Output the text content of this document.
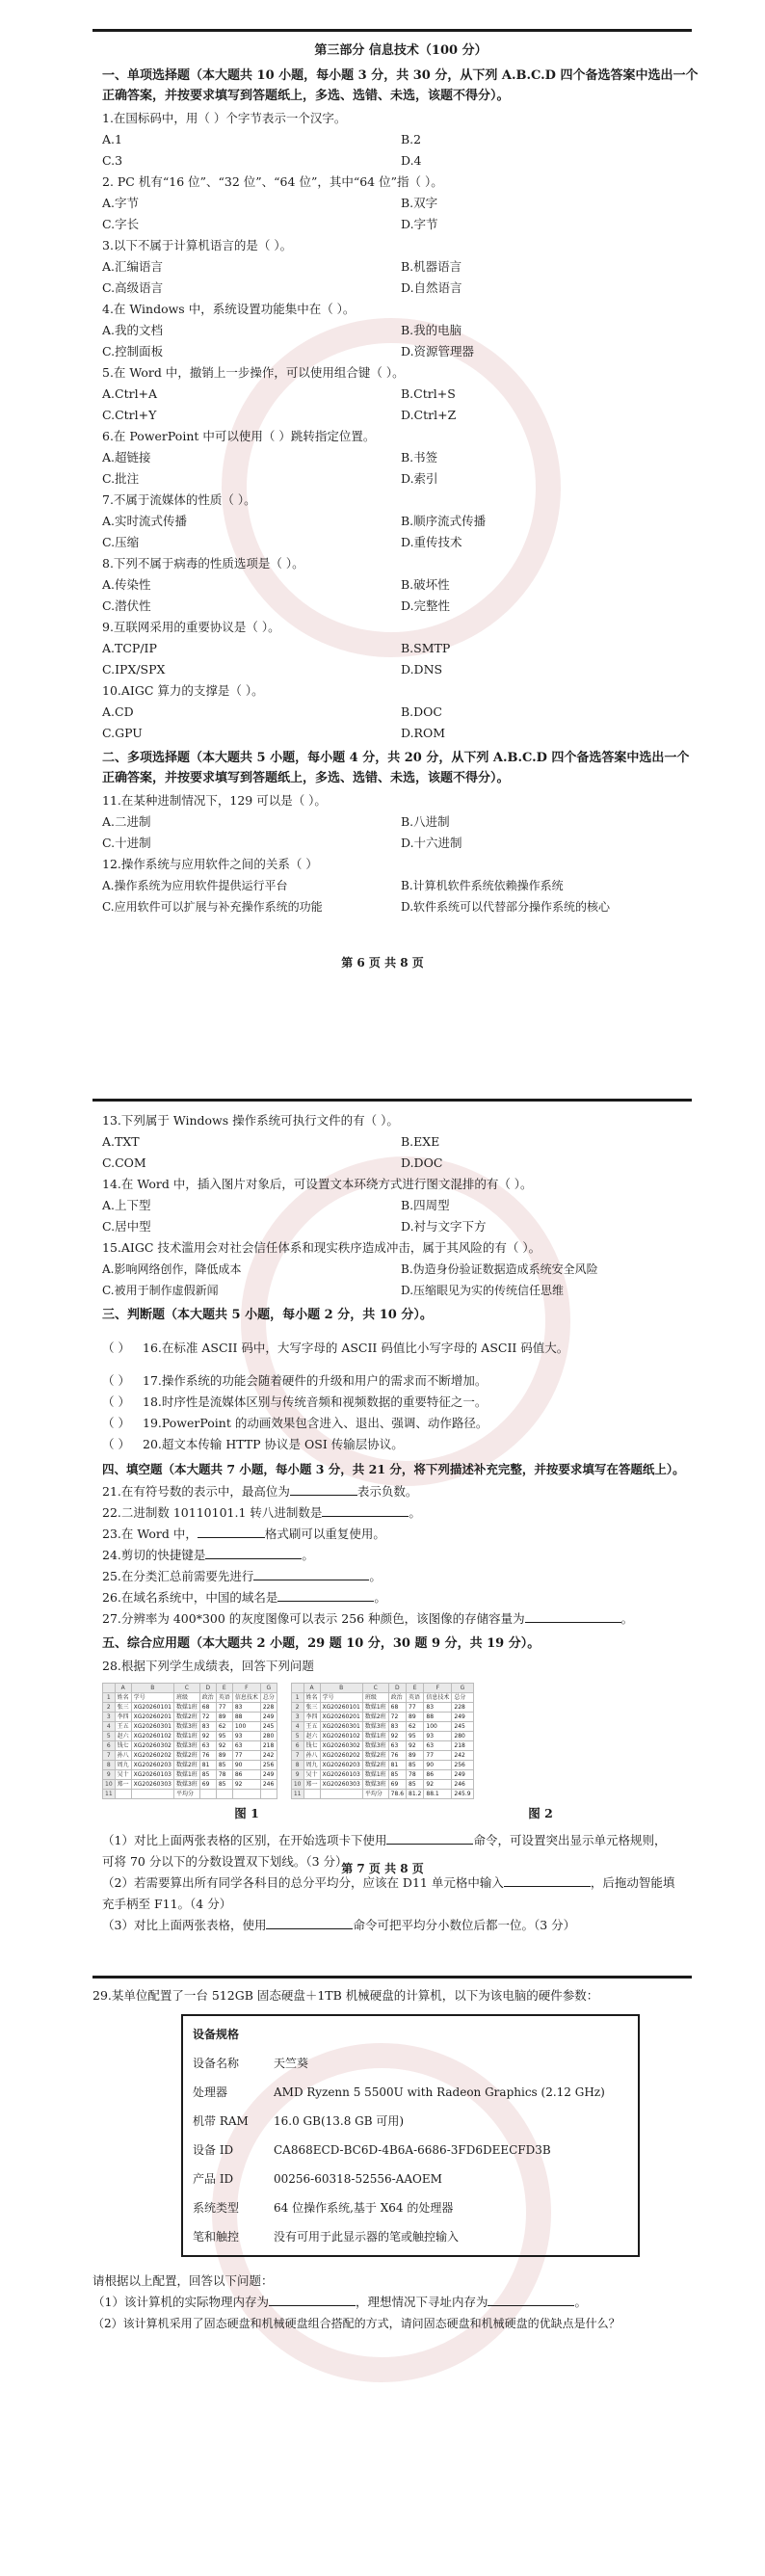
第三部分 信息技术（100 分）

一、单项选择题（本大题共 10 小题，每小题 3 分，共 30 分，从下列 A.B.C.D 四个备选答案中选出一个正确答案，并按要求填写到答题纸上，多选、选错、未选，该题不得分）。

1.在国标码中，用（ ）个字节表示一个汉字。

A.1	B.2
C.3	D.4

2. PC 机有“16 位”、“32 位”、“64 位”，其中“64 位”指（ ）。

A.字节	B.双字
C.字长	D.字节

3.以下不属于计算机语言的是（ ）。

A.汇编语言	B.机器语言
C.高级语言	D.自然语言

4.在 Windows 中，系统设置功能集中在（ ）。

A.我的文档	B.我的电脑
C.控制面板	D.资源管理器

5.在 Word 中，撤销上一步操作，可以使用组合键（ ）。

A.Ctrl+A	B.Ctrl+S
C.Ctrl+Y	D.Ctrl+Z

6.在 PowerPoint 中可以使用（ ）跳转指定位置。

A.超链接	B.书签
C.批注	D.索引

7.不属于流媒体的性质（ ）。

A.实时流式传播	B.顺序流式传播
C.压缩	D.重传技术

8.下列不属于病毒的性质选项是（ ）。

A.传染性	B.破坏性
C.潜伏性	D.完整性

9.互联网采用的重要协议是（ ）。

A.TCP/IP	B.SMTP
C.IPX/SPX	D.DNS

10.AIGC 算力的支撑是（ ）。

A.CD	B.DOC
C.GPU	D.ROM

二、多项选择题（本大题共 5 小题，每小题 4 分，共 20 分，从下列 A.B.C.D 四个备选答案中选出一个正确答案，并按要求填写到答题纸上，多选、选错、未选，该题不得分）。

11.在某种进制情况下，129 可以是（ ）。

A.二进制	B.八进制
C.十进制	D.十六进制

12.操作系统与应用软件之间的关系（ ）

A.操作系统为应用软件提供运行平台	B.计算机软件系统依赖操作系统
C.应用软件可以扩展与补充操作系统的功能	D.软件系统可以代替部分操作系统的核心
第 6 页 共 8 页

13.下列属于 Windows 操作系统可执行文件的有（ ）。

A.TXT	B.EXE
C.COM	D.DOC

14.在 Word 中，插入图片对象后，可设置文本环绕方式进行图文混排的有（ ）。

A.上下型	B.四周型
C.居中型	D.衬与文字下方

15.AIGC 技术滥用会对社会信任体系和现实秩序造成冲击，属于其风险的有（ ）。

A.影响网络创作，降低成本	B.伪造身份验证数据造成系统安全风险
C.被用于制作虚假新闻	D.压缩眼见为实的传统信任思维

三、判断题（本大题共 5 小题，每小题 2 分，共 10 分）。

（ ） 16.在标准 ASCII 码中，大写字母的 ASCII 码值比小写字母的 ASCII 码值大。

（ ） 17.操作系统的功能会随着硬件的升级和用户的需求而不断增加。

（ ） 18.时序性是流媒体区别与传统音频和视频数据的重要特征之一。

（ ） 19.PowerPoint 的动画效果包含进入、退出、强调、动作路径。

（ ） 20.超文本传输 HTTP 协议是 OSI 传输层协议。

四、填空题（本大题共 7 小题，每小题 3 分，共 21 分，将下列描述补充完整，并按要求填写在答题纸上）。

21.在有符号数的表示中，最高位为	表示负数。

22.二进制数 10110101.1 转八进制数是	。

23.在 Word 中，	格式刷可以重复使用。

24.剪切的快捷键是	。

25.在分类汇总前需要先进行	。

26.在域名系统中，中国的域名是	。

27.分辨率为 400*300 的灰度图像可以表示 256 种颜色，该图像的存储容量为	。

五、综合应用题（本大题共 2 小题，29 题 10 分，30 题 9 分，共 19 分）。

28.根据下列学生成绩表，回答下列问题

	A	B	C	D	E	F	G
1	姓名	学号	班级	政治	英语	信息技术	总分
2	张三	XG20260101	数媒1班	68	77	83	228
3	李四	XG20260201	数媒2班	72	89	88	249
4	王五	XG20260301	数媒3班	83	62	100	245
5	赵六	XG20260102	数媒1班	92	95	93	280
6	钱七	XG20260302	数媒3班	63	92	63	218
7	孙八	XG20260202	数媒2班	76	89	77	242
8	周九	XG20260203	数媒2班	81	85	90	256
9	吴十	XG20260103	数媒1班	85	78	86	249
10	郑一	XG20260303	数媒3班	69	85	92	246
11			平均分				
	A	B	C	D	E	F	G
1	姓名	学号	班级	政治	英语	信息技术	总分
2	张三	XG20260101	数媒1班	68	77	83	228
3	李四	XG20260201	数媒2班	72	89	88	249
4	王五	XG20260301	数媒3班	83	62	100	245
5	赵六	XG20260102	数媒1班	92	95	93	280
6	钱七	XG20260302	数媒3班	63	92	63	218
7	孙八	XG20260202	数媒2班	76	89	77	242
8	周九	XG20260203	数媒2班	81	85	90	256
9	吴十	XG20260103	数媒1班	85	78	86	249
10	郑一	XG20260303	数媒3班	69	85	92	246
11			平均分	78.6	81.2	88.1	245.9
图 1	图 2

（1）对比上面两张表格的区别，在开始选项卡下使用	命令，可设置突出显示单元格规则，

可将 70 分以下的分数设置双下划线。（3 分）

（2）若需要算出所有同学各科目的总分平均分，应该在 D11 单元格中输入	，后拖动智能填

充手柄至 F11。（4 分）

（3）对比上面两张表格，使用	命令可把平均分小数位后都一位。（3 分）

第 7 页 共 8 页

29.某单位配置了一台 512GB 固态硬盘＋1TB 机械硬盘的计算机，以下为该电脑的硬件参数：

设备规格
设备名称	天竺葵
处理器	AMD Ryzenn 5 5500U with Radeon Graphics (2.12 GHz)
机带 RAM	16.0 GB(13.8 GB 可用)
设备 ID	CA868ECD-BC6D-4B6A-6686-3FD6DEECFD3B
产品 ID	00256-60318-52556-AAOEM
系统类型	64 位操作系统,基于 X64 的处理器
笔和触控	没有可用于此显示器的笔或触控输入

请根据以上配置，回答以下问题：

（1）该计算机的实际物理内存为	，理想情况下寻址内存为	。

（2）该计算机采用了固态硬盘和机械硬盘组合搭配的方式，请问固态硬盘和机械硬盘的优缺点是什么？
